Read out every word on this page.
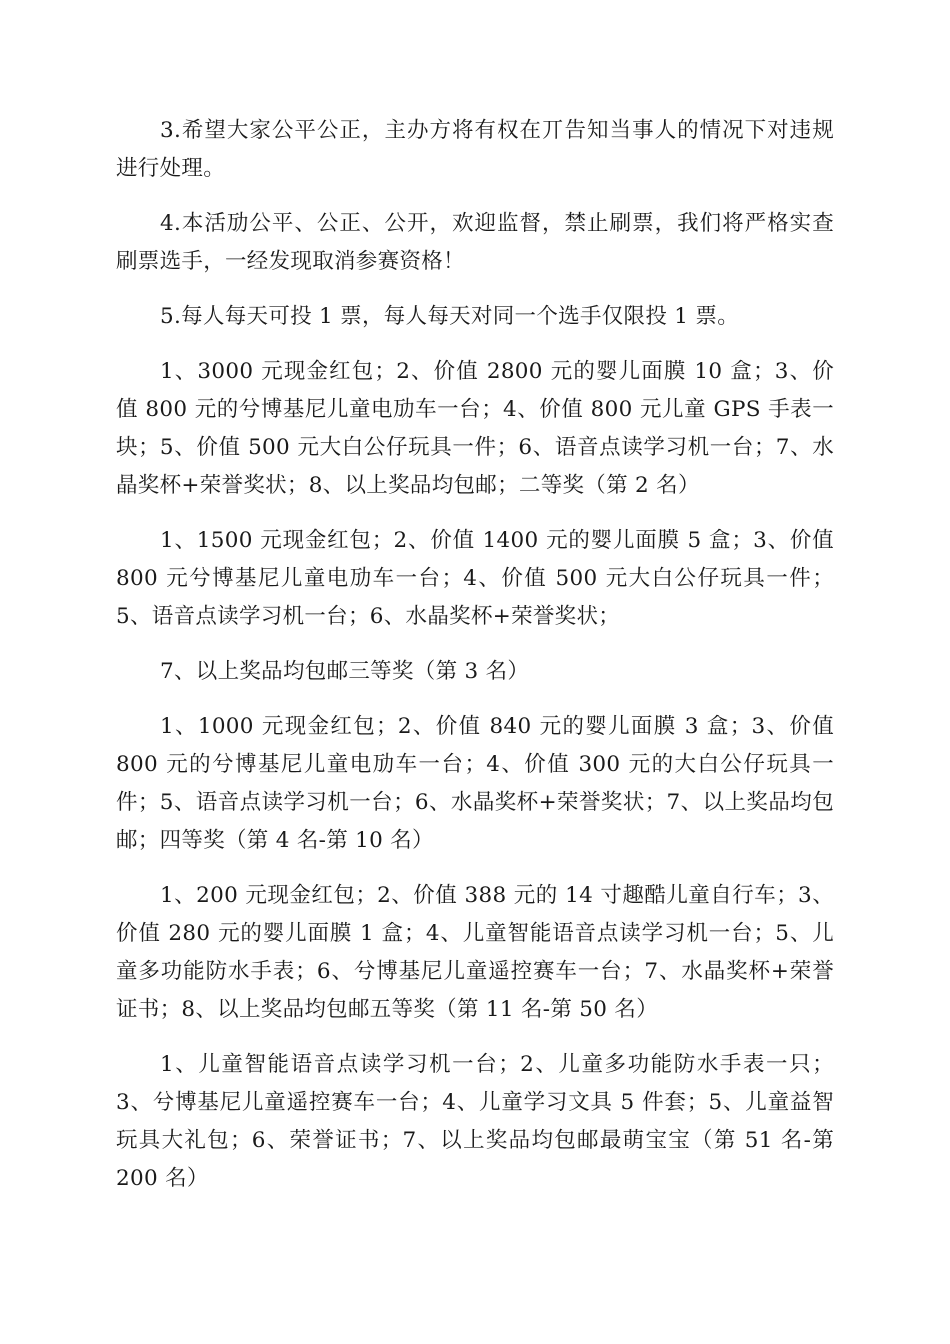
3.希望大家公平公正，主办方将有权在丌告知当事人的情况下对违规进行处理。

4.本活劢公平、公正、公开，欢迎监督，禁止刷票，我们将严格实查刷票选手，一经发现取消参赛资格！

5.每人每天可投 1 票，每人每天对同一个选手仅限投 1 票。

1、3000 元现金红包；2、价值 2800 元的婴儿面膜 10 盒；3、价值 800 元的兮博基尼儿童电劢车一台；4、价值 800 元儿童 GPS 手表一块；5、价值 500 元大白公仔玩具一件；6、语音点读学习机一台；7、水晶奖杯+荣誉奖状；8、以上奖品均包邮；二等奖（第 2 名）

1、1500 元现金红包；2、价值 1400 元的婴儿面膜 5 盒；3、价值 800 元兮博基尼儿童电劢车一台；4、价值 500 元大白公仔玩具一件；5、语音点读学习机一台；6、水晶奖杯+荣誉奖状；

7、以上奖品均包邮三等奖（第 3 名）

1、1000 元现金红包；2、价值 840 元的婴儿面膜 3 盒；3、价值 800 元的兮博基尼儿童电劢车一台；4、价值 300 元的大白公仔玩具一件；5、语音点读学习机一台；6、水晶奖杯+荣誉奖状；7、以上奖品均包邮；四等奖（第 4 名-第 10 名）

1、200 元现金红包；2、价值 388 元的 14 寸趣酷儿童自行车；3、价值 280 元的婴儿面膜 1 盒；4、儿童智能语音点读学习机一台；5、儿童多功能防水手表；6、兮博基尼儿童遥控赛车一台；7、水晶奖杯+荣誉证书；8、以上奖品均包邮五等奖（第 11 名-第 50 名）

1、儿童智能语音点读学习机一台；2、儿童多功能防水手表一只；3、兮博基尼儿童遥控赛车一台；4、儿童学习文具 5 件套；5、儿童益智玩具大礼包；6、荣誉证书；7、以上奖品均包邮最萌宝宝（第 51 名-第 200 名）
